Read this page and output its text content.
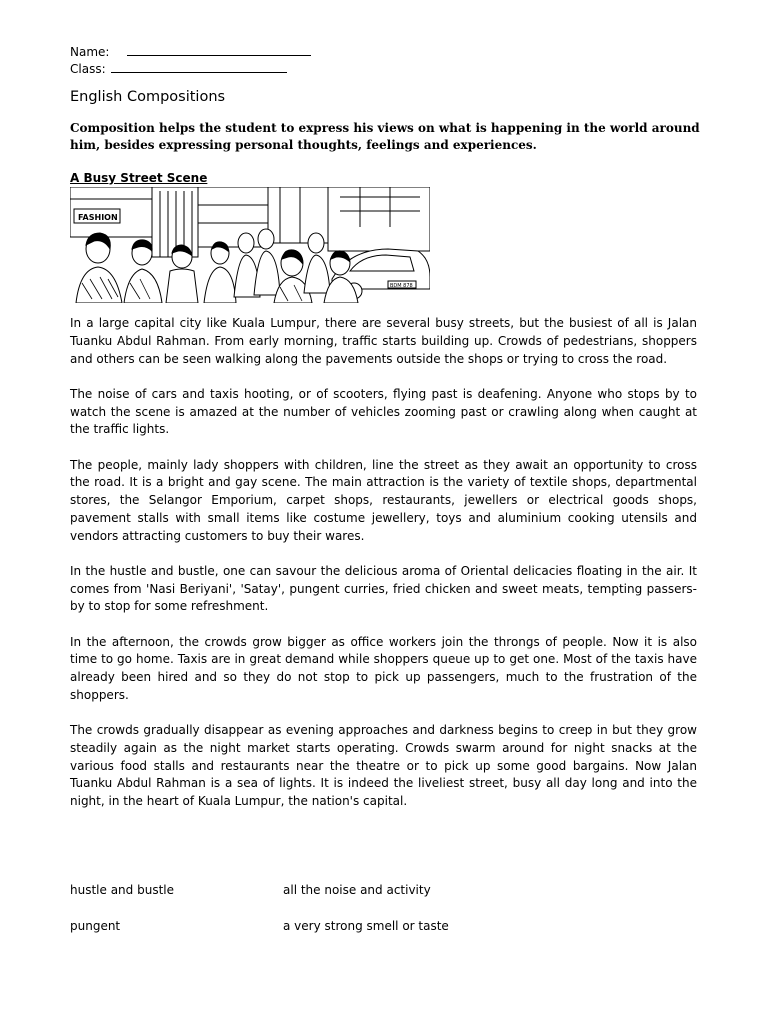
Name:
Class:
English Compositions
Composition helps the student to express his views on what is happening in the world around him, besides expressing personal thoughts, feelings and experiences.
A Busy Street Scene
FASHION
BDM 878

In a large capital city like Kuala Lumpur, there are several busy streets, but the busiest of all is Jalan Tuanku Abdul Rahman. From early morning, traffic starts building up. Crowds of pedestrians, shoppers and others can be seen walking along the pavements outside the shops or trying to cross the road.

The noise of cars and taxis hooting, or of scooters, flying past is deafening. Anyone who stops by to watch the scene is amazed at the number of vehicles zooming past or crawling along when caught at the traffic lights.

The people, mainly lady shoppers with children, line the street as they await an opportunity to cross the road. It is a bright and gay scene. The main attraction is the variety of textile shops, departmental stores, the Selangor Emporium, carpet shops, restaurants, jewellers or electrical goods shops, pavement stalls with small items like costume jewellery, toys and aluminium cooking utensils and vendors attracting customers to buy their wares.

In the hustle and bustle, one can savour the delicious aroma of Oriental delicacies floating in the air. It comes from 'Nasi Beriyani', 'Satay', pungent curries, fried chicken and sweet meats, tempting passers-by to stop for some refreshment.

In the afternoon, the crowds grow bigger as office workers join the throngs of people. Now it is also time to go home. Taxis are in great demand while shoppers queue up to get one. Most of the taxis have already been hired and so they do not stop to pick up passengers, much to the frustration of the shoppers.

The crowds gradually disappear as evening approaches and darkness begins to creep in but they grow steadily again as the night market starts operating. Crowds swarm around for night snacks at the various food stalls and restaurants near the theatre or to pick up some good bargains. Now Jalan Tuanku Abdul Rahman is a sea of lights. It is indeed the liveliest street, busy all day long and into the night, in the heart of Kuala Lumpur, the nation's capital.

hustle and bustle	all the noise and activity
pungent	a very strong smell or taste
